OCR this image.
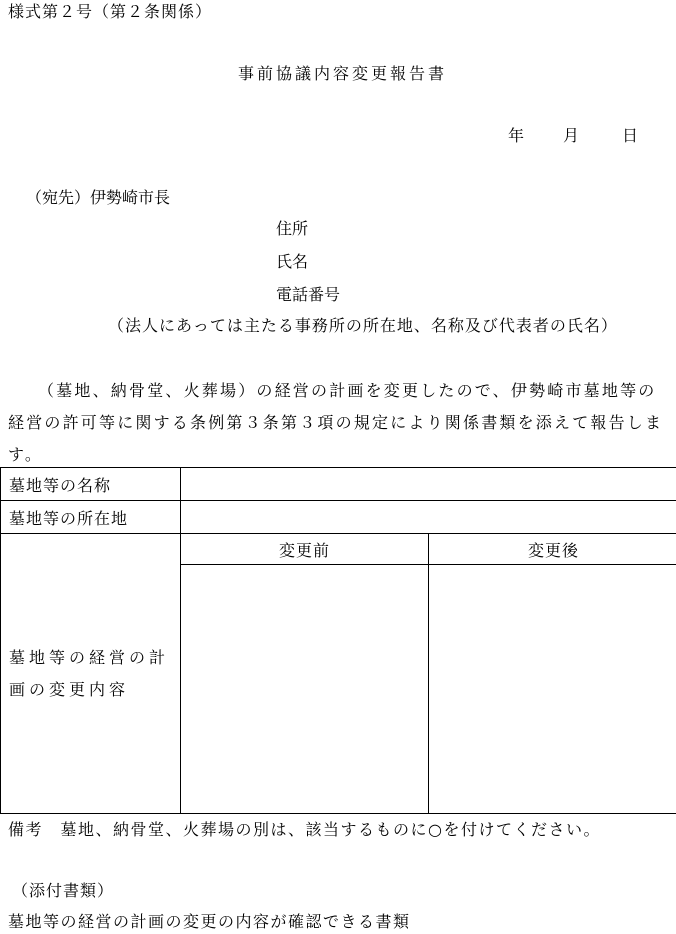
様式第２号（第２条関係）
事前協議内容変更報告書
年 月	日
（宛先）伊勢崎市長
住所
氏名
電話番号
（法人にあっては主たる事務所の所在地、名称及び代表者の氏名）
（墓地、納骨堂、火葬場）の経営の計画を変更したので、伊勢崎市墓地等の経営の許可等に関する条例第３条第３項の規定により関係書類を添えて報告します。
墓地等の名称		
墓地等の所在地		

墓地等の経営の計画の変更内容	変更前	変更後

備考　墓地、納骨堂、火葬場の別は、該当するものに○を付けてください。
（添付書類）
墓地等の経営の計画の変更の内容が確認できる書類
